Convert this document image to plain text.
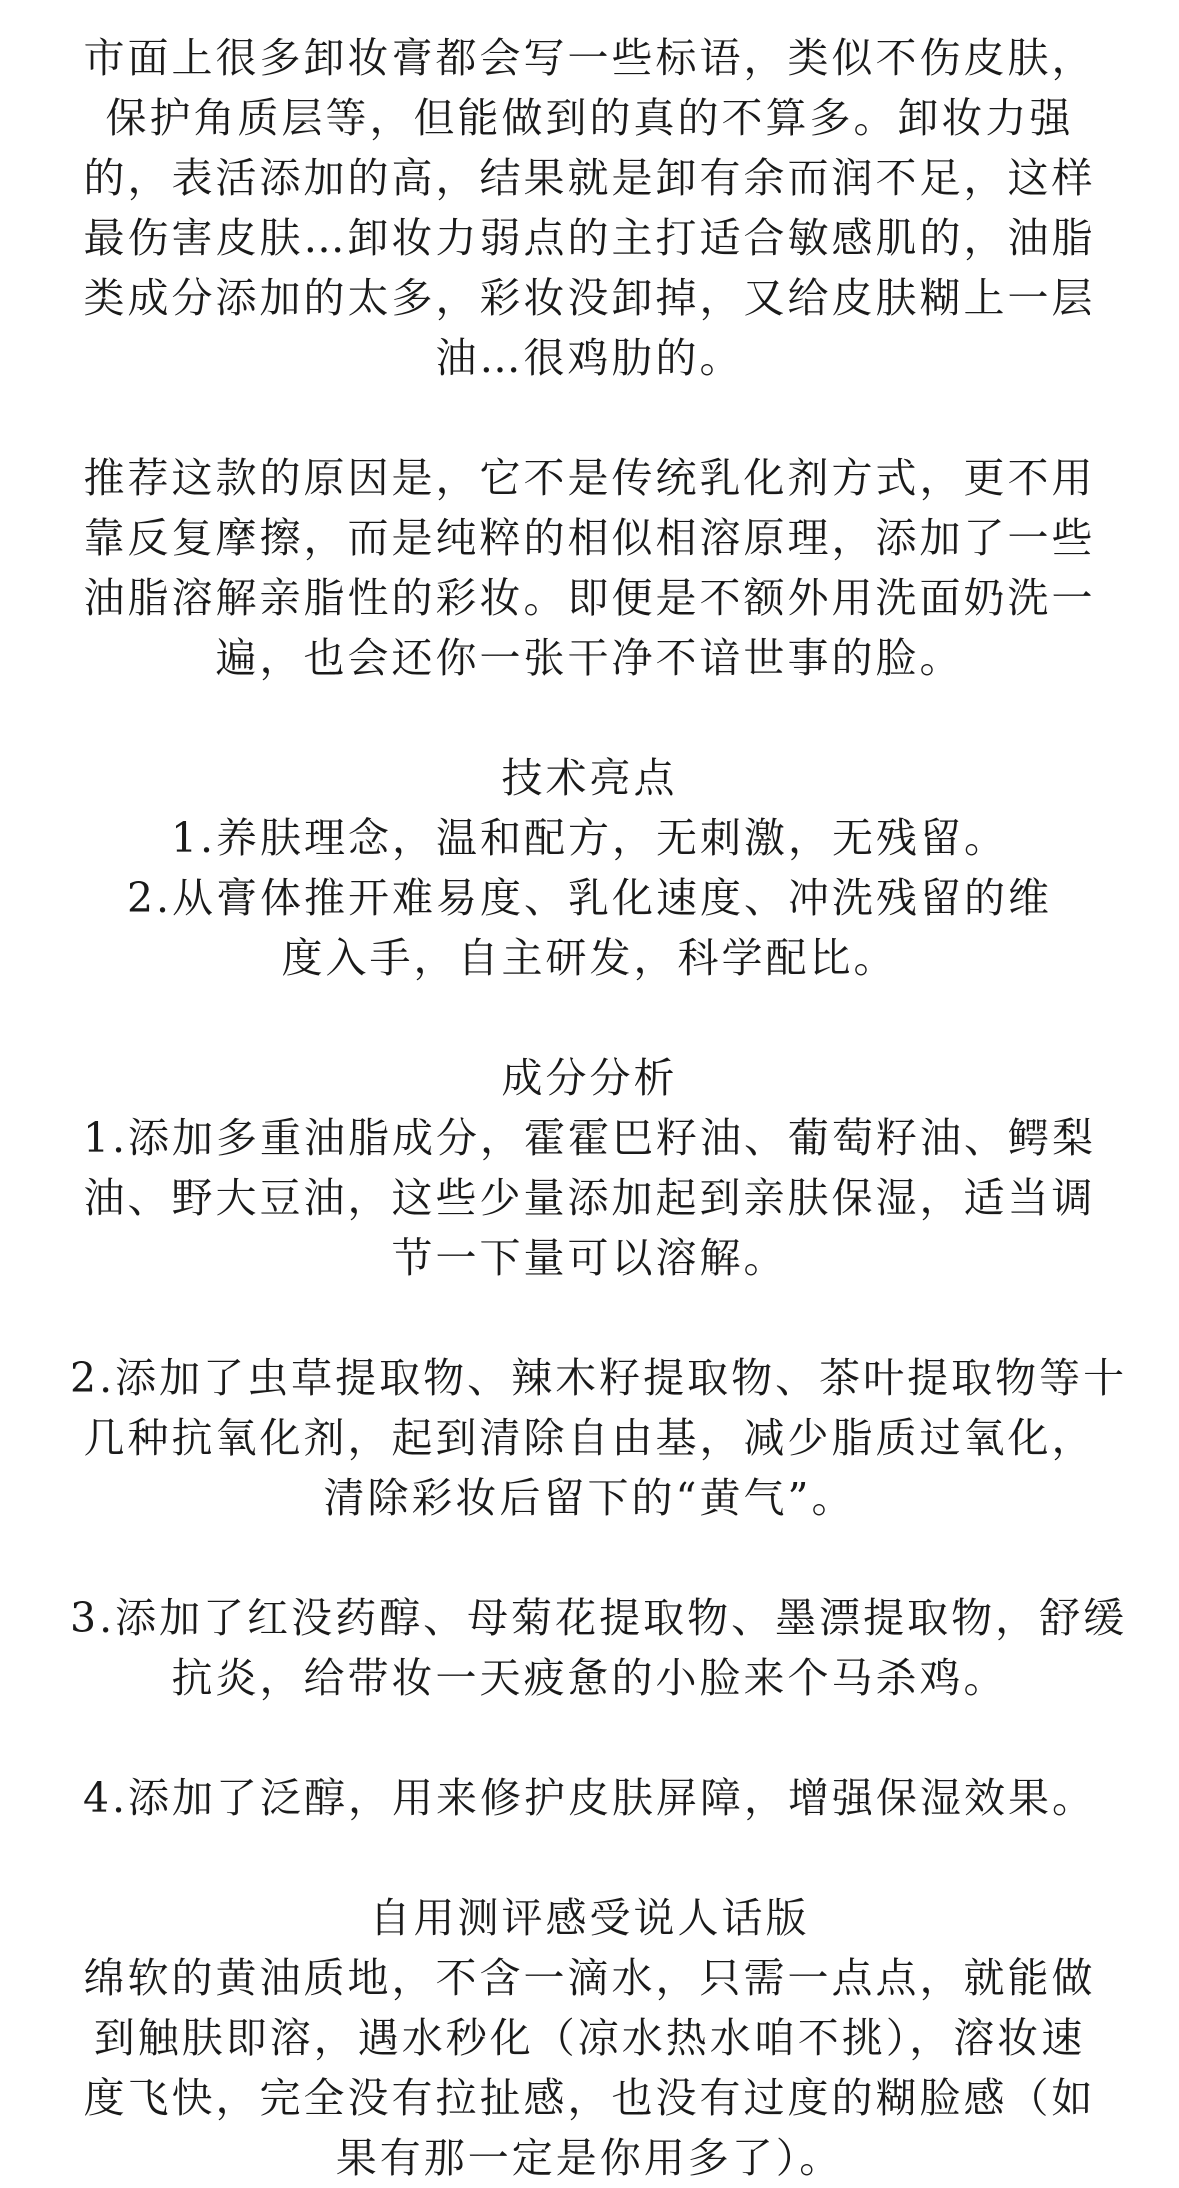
市面上很多卸妆膏都会写一些标语，类似不伤皮肤，
保护角质层等，但能做到的真的不算多。卸妆力强
的，表活添加的高，结果就是卸有余而润不足，这样
最伤害皮肤…卸妆力弱点的主打适合敏感肌的，油脂
类成分添加的太多，彩妆没卸掉，又给皮肤糊上一层
油…很鸡肋的。
推荐这款的原因是，它不是传统乳化剂方式，更不用
靠反复摩擦，而是纯粹的相似相溶原理，添加了一些
油脂溶解亲脂性的彩妆。即便是不额外用洗面奶洗一
遍，也会还你一张干净不谙世事的脸。
技术亮点
1.养肤理念，温和配方，无刺激，无残留。
2.从膏体推开难易度、乳化速度、冲洗残留的维
度入手，自主研发，科学配比。
成分分析
1.添加多重油脂成分，霍霍巴籽油、葡萄籽油、鳄梨
油、野大豆油，这些少量添加起到亲肤保湿，适当调
节一下量可以溶解。
2.添加了虫草提取物、辣木籽提取物、茶叶提取物等十
几种抗氧化剂，起到清除自由基，减少脂质过氧化，
清除彩妆后留下的“黄气”。
3.添加了红没药醇、母菊花提取物、墨漂提取物，舒缓
抗炎，给带妆一天疲惫的小脸来个马杀鸡。
4.添加了泛醇，用来修护皮肤屏障，增强保湿效果。
自用测评感受说人话版
绵软的黄油质地，不含一滴水，只需一点点，就能做
到触肤即溶，遇水秒化（凉水热水咱不挑），溶妆速
度飞快，完全没有拉扯感，也没有过度的糊脸感（如
果有那一定是你用多了）。
